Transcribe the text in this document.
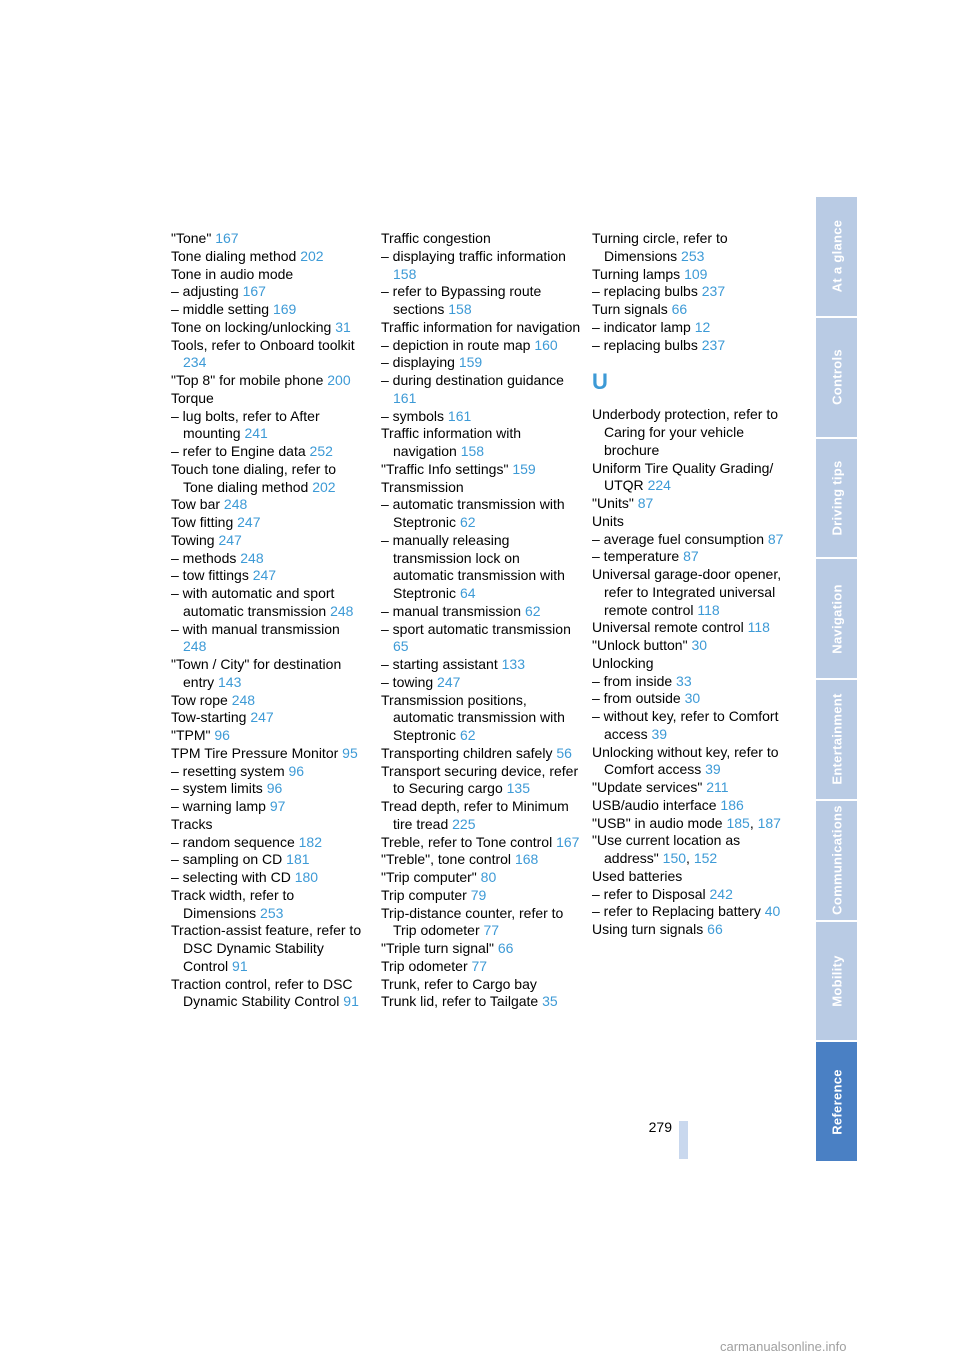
"Tone" 167
Tone dialing method 202
Tone in audio mode
– adjusting 167
– middle setting 169
Tone on locking/unlocking 31
Tools, refer to Onboard toolkit 234
"Top 8" for mobile phone 200
Torque
– lug bolts, refer to After mounting 241
– refer to Engine data 252
Touch tone dialing, refer to Tone dialing method 202
Tow bar 248
Tow fitting 247
Towing 247
– methods 248
– tow fittings 247
– with automatic and sport automatic transmission 248
– with manual transmission 248
"Town / City" for destination entry 143
Tow rope 248
Tow-starting 247
"TPM" 96
TPM Tire Pressure Monitor 95
– resetting system 96
– system limits 96
– warning lamp 97
Tracks
– random sequence 182
– sampling on CD 181
– selecting with CD 180
Track width, refer to Dimensions 253
Traction-assist feature, refer to DSC Dynamic Stability Control 91
Traction control, refer to DSC Dynamic Stability Control 91
Traffic congestion
– displaying traffic information 158
– refer to Bypassing route sections 158
Traffic information for navigation
– depiction in route map 160
– displaying 159
– during destination guidance 161
– symbols 161
Traffic information with navigation 158
"Traffic Info settings" 159
Transmission
– automatic transmission with Steptronic 62
– manually releasing transmission lock on automatic transmission with Steptronic 64
– manual transmission 62
– sport automatic transmission 65
– starting assistant 133
– towing 247
Transmission positions, automatic transmission with Steptronic 62
Transporting children safely 56
Transport securing device, refer to Securing cargo 135
Tread depth, refer to Minimum tire tread 225
Treble, refer to Tone control 167
"Treble", tone control 168
"Trip computer" 80
Trip computer 79
Trip-distance counter, refer to Trip odometer 77
"Triple turn signal" 66
Trip odometer 77
Trunk, refer to Cargo bay
Trunk lid, refer to Tailgate 35
Turning circle, refer to Dimensions 253
Turning lamps 109
– replacing bulbs 237
Turn signals 66
– indicator lamp 12
– replacing bulbs 237
U
Underbody protection, refer to Caring for your vehicle brochure
Uniform Tire Quality Grading/ UTQR 224
"Units" 87
Units
– average fuel consumption 87
– temperature 87
Universal garage-door opener, refer to Integrated universal remote control 118
Universal remote control 118
"Unlock button" 30
Unlocking
– from inside 33
– from outside 30
– without key, refer to Comfort access 39
Unlocking without key, refer to Comfort access 39
"Update services" 211
USB/audio interface 186
"USB" in audio mode 185, 187
"Use current location as address" 150, 152
Used batteries
– refer to Disposal 242
– refer to Replacing battery 40
Using turn signals 66
At a glance
Controls
Driving tips
Navigation
Entertainment
Communications
Mobility
Reference
279
carmanualsonline.info
